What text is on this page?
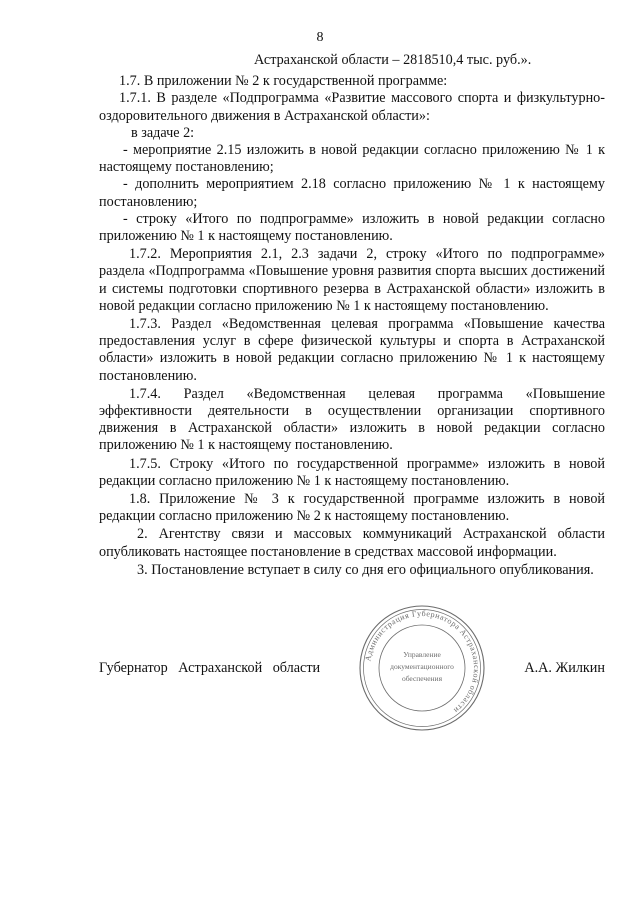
8

Астраханской области – 2818510,4 тыс. руб.».

1.7. В приложении № 2 к государственной программе:

1.7.1. В разделе «Подпрограмма «Развитие массового спорта и физкультурно-оздоровительного движения в Астраханской области»:

в задаче 2:

- мероприятие 2.15 изложить в новой редакции согласно приложению № 1 к настоящему постановлению;

- дополнить мероприятием 2.18 согласно приложению № 1 к настоящему постановлению;

- строку «Итого по подпрограмме» изложить в новой редакции согласно приложению № 1 к настоящему постановлению.

1.7.2. Мероприятия 2.1, 2.3 задачи 2, строку «Итого по подпрограмме» раздела «Подпрограмма «Повышение уровня развития спорта высших достижений и системы подготовки спортивного резерва в Астраханской области» изложить в новой редакции согласно приложению № 1 к настоящему постановлению.

1.7.3. Раздел «Ведомственная целевая программа «Повышение качества предоставления услуг в сфере физической культуры и спорта в Астраханской области» изложить в новой редакции согласно приложению № 1 к настоящему постановлению.

1.7.4. Раздел «Ведомственная целевая программа «Повышение эффективности деятельности в осуществлении организации спортивного движения в Астраханской области» изложить в новой редакции согласно приложению № 1 к настоящему постановлению.

1.7.5. Строку «Итого по государственной программе» изложить в новой редакции согласно приложению № 1 к настоящему постановлению.

1.8. Приложение № 3 к государственной программе изложить в новой редакции согласно приложению № 2 к настоящему постановлению.

2. Агентству связи и массовых коммуникаций Астраханской области опубликовать настоящее постановление в средствах массовой информации.

3. Постановление вступает в силу со дня его официального опубликования.

Администрация Губернатора Астраханской области
Управление
документационного
обеспечения
Губернатор Астраханской области	А.А. Жилкин
